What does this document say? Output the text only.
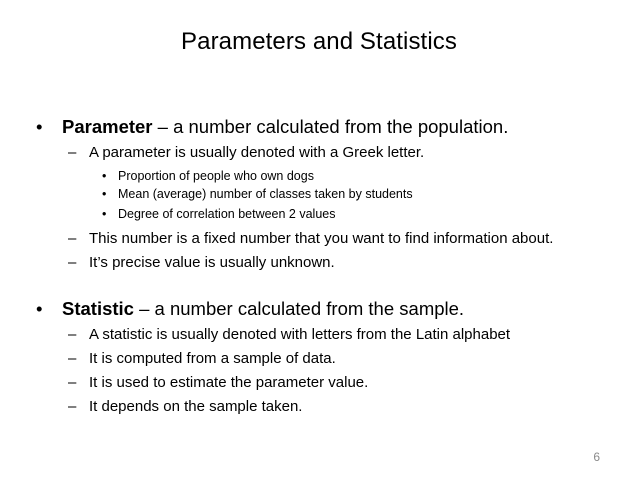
Parameters and Statistics
• Parameter – a number calculated from the population.
– A parameter is usually denoted with a Greek letter.
• Proportion of people who own dogs
• Mean (average) number of classes taken by students
• Degree of correlation between 2 values
– This number is a fixed number that you want to find information about.
– It’s precise value is usually unknown.
• Statistic – a number calculated from the sample.
– A statistic is usually denoted with letters from the Latin alphabet
– It is computed from a sample of data.
– It is used to estimate the parameter value.
– It depends on the sample taken.
6
